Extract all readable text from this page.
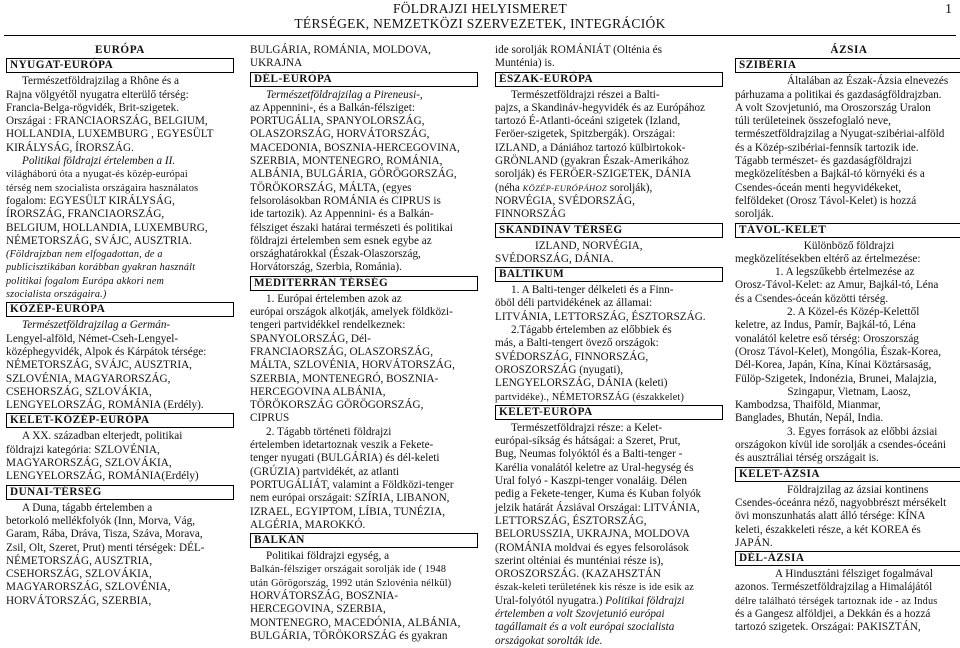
FÖLDRAJZI HELYISMERET
TÉRSÉGEK, NEMZETKÖZI SZERVEZETEK, INTEGRÁCIÓK
1

EURÓPA

NYUGAT-EURÓPA

Természetföldrajzilag a Rhône és a

Rajna völgyétől nyugatra elterülő térség:

Francia-Belga-rögvidék, Brit-szigetek.

Országai : FRANCIAORSZÁG, BELGIUM,

HOLLANDIA, LUXEMBURG , EGYESÜLT

KIRÁLYSÁG, ÍRORSZÁG.

Politikai földrajzi értelemben a II.

világháború óta a nyugat-és közép-európai

térség nem szocialista országaira használatos

fogalom: EGYESÜLT KIRÁLYSÁG,

ÍRORSZÁG, FRANCIAORSZÁG,

BELGIUM, HOLLANDIA, LUXEMBURG,

NÉMETORSZÁG, SVÁJC, AUSZTRIA.

(Földrajzban nem elfogadottan, de a

publicisztikában korábban gyakran használt

politikai fogalom Európa akkori nem

szocialista országaira.)

KÖZÉP-EURÓPA

Természetföldrajzilag a Germán-

Lengyel-alföld, Német-Cseh-Lengyel-

középhegyvidék, Alpok és Kárpátok térsége:

NÉMETORSZÁG, SVÁJC, AUSZTRIA,

SZLOVÉNIA, MAGYARORSZÁG,

CSEHORSZÁG, SZLOVÁKIA,

LENGYELORSZÁG, ROMÁNIA (Erdély).

KELET-KÖZÉP-EURÓPA

A XX. században elterjedt, politikai

földrajzi kategória: SZLOVÉNIA,

MAGYARORSZÁG, SZLOVÁKIA,

LENGYELORSZÁG, ROMÁNIA(Erdély)

DUNAI-TÉRSÉG

A Duna, tágabb értelemben a

betorkoló mellékfolyók (Inn, Morva, Vág,

Garam, Rába, Dráva, Tisza, Száva, Morava,

Zsil, Olt, Szeret, Prut) menti térségek: DÉL-

NÉMETORSZÁG, AUSZTRIA,

CSEHORSZÁG, SZLOVÁKIA,

MAGYARORSZÁG, SZLOVÉNIA,

HORVÁTORSZÁG, SZERBIA,

BULGÁRIA, ROMÁNIA, MOLDOVA,

UKRAJNA

DÉL-EURÓPA

Természetföldrajzilag a Pireneusi-,

az Appennini-, és a Balkán-félsziget:

PORTUGÁLIA, SPANYOLORSZÁG,

OLASZORSZÁG, HORVÁTORSZÁG,

MACEDONIA, BOSZNIA-HERCEGOVINA,

SZERBIA, MONTENEGRO, ROMÁNIA,

ALBÁNIA, BULGÁRIA, GÖRÖGORSZÁG,

TÖRÖKORSZÁG, MÁLTA, (egyes

felsorolásokban ROMÁNIA és CIPRUS is

ide tartozik). Az Appennini- és a Balkán-

félsziget északi határai természeti és politikai

földrajzi értelemben sem esnek egybe az

országhatárokkal (Észak-Olaszország,

Horvátország, Szerbia, Románia).

MEDITERRÁN TÉRSÉG

1. Európai értelemben azok az

európai országok alkotják, amelyek földközi-

tengeri partvidékkel rendelkeznek:

SPANYOLORSZÁG, Dél-

FRANCIAORSZÁG, OLASZORSZÁG,

MÁLTA, SZLOVÉNIA, HORVÁTORSZÁG,

SZERBIA, MONTENEGRÓ, BOSZNIA-

HERCEGOVINA ALBÁNIA,

TÖRÖKORSZÁG GÖRÖGORSZÁG,

CIPRUS

2. Tágabb történeti földrajzi

értelemben idetartoznak veszik a Fekete-

tenger nyugati (BULGÁRIA) és dél-keleti

(GRÚZIA) partvidékét, az atlanti

PORTUGÁLIÁT, valamint a Földközi-tenger

nem európai országait: SZÍRIA, LIBANON,

IZRAEL, EGYIPTOM, LÍBIA, TUNÉZIA,

ALGÉRIA, MAROKKÓ.

BALKÁN

Politikai földrajzi egység, a

Balkán-félszigeт országait sorolják ide ( 1948

után Görögország, 1992 után Szlovénia nélkül)

HORVÁTORSZÁG, BOSZNIA-

HERCEGOVINA, SZERBIA,

MONTENEGRO, MACEDÓNIA, ALBÁNIA,

BULGÁRIA, TÖRÖKORSZÁG és gyakran

ide sorolják ROMÁNIÁT (Olténia és

Munténia) is.

ÉSZAK-EURÓPA

Természetföldrajzi részei a Balti-

pajzs, a Skandináv-hegyvidék és az Európához

tartozó É-Atlanti-óceáni szigetek (Izland,

Feröer-szigetek, Spitzbergák). Országai:

IZLAND, a Dániához tartozó külbirtokok-

GRÖNLAND (gyakran Észak-Amerikához

sorolják) és FERÖER-SZIGETEK, DÁNIA

(néha KÖZÉP-EURÓPÁHOZ sorolják),

NORVÉGIA, SVÉDORSZÁG,

FINNORSZÁG

SKANDINÁV TÉRSÉG

IZLAND, NORVÉGIA,

SVÉDORSZÁG, DÁNIA.

BALTIKUM

1. A Balti-tenger délkeleti és a Finn-

öböl déli partvidékének az államai:

LITVÁNIA, LETTORSZÁG, ÉSZTORSZÁG.

2.Tágabb értelemben az előbbiek és

más, a Balti-tengert övező országok:

SVÉDORSZÁG, FINNORSZÁG,

OROSZORSZÁG (nyugati),

LENGYELORSZÁG, DÁNIA (keleti)

partvidéke)., NÉMETORSZÁG (északkelet)

KELET-EURÓPA

Természetföldrajzi része: a Kelet-

európai-síkság és hátságai: a Szeret, Prut,

Bug, Neumas folyóktól és a Balti-tenger -

Karélia vonalától keletre az Ural-hegység és

Ural folyó - Kaszpi-tenger vonaláig. Délen

pedig a Fekete-tenger, Kuma és Kuban folyók

jelzik határát Ázsiával Országai: LITVÁNIA,

LETTORSZÁG, ÉSZTORSZÁG,

BELORUSSZIA, UKRAJNA, MOLDOVA

(ROMÁNIA moldvai és egyes felsorolások

szerint olténiai és munténiai része is),

OROSZORSZÁG. (KAZAHSZTÁN

észak-keleti területének kis része is ide esik az

Ural-folyótól nyugatra.) Politikai földrajzi

értelemben a volt Szovjetunió európai

tagállamait és a volt európai szocialista

országokat sorolták ide.

ÁZSIA

SZIBÉRIA

Általában az Észak-Ázsia elnevezés

párhuzama a politikai és gazdaságföldrajzban.

A volt Szovjetunió, ma Oroszország Uralon

túli területeinek összefoglaló neve,

természetföldrajzilag a Nyugat-szibériai-alföld

és a Közép-szibériai-fennsík tartozik ide.

Tágabb természet- és gazdaságföldrajzi

megközelítésben a Bajkál-tó környéki és a

Csendes-óceán menti hegyvidékeket,

felföldeket (Orosz Távol-Kelet) is hozzá

sorolják.

TÁVOL-KELET

Különböző földrajzi

megközelítésekben eltérő az értelmezése:

1. A legszűkebb értelmezése az

Orosz-Távol-Kelet: az Amur, Bajkál-tó, Léna

és a Csendes-óceán közötti térség.

2. A Közel-és Közép-Kelettől

keletre, az Indus, Pamír, Bajkál-tó, Léna

vonalától keletre eső térség: Oroszország

(Orosz Távol-Kelet), Mongólia, Észak-Korea,

Dél-Korea, Japán, Kína, Kínai Köztársaság,

Fülöp-Szigetek, Indonézia, Brunei, Malajzia,

Szingapur, Vietnam, Laosz,

Kambodzsa, Thaiföld, Mianmar,

Banglades, Bhután, Nepál, India.

3. Egyes források az előbbi ázsiai

országokon kívül ide sorolják a csendes-óceáni

és ausztráliai térség országait is.

KELET-ÁZSIA

Földrajzilag az ázsiai kontinens

Csendes-óceánra néző, nagyobbrészt mérsékelt

övi monszunhatás alatt álló térsége: KÍNA

keleti, északkeleti része, a két KOREA és

JAPÁN.

DÉL-ÁZSIA

A Hindusztáni félsziget fogalmával

azonos. Természetföldrajzilag a Himalájától

délre található térségek tartoznak ide - az Indus

és a Gangesz alföldjei, a Dekkán és a hozzá

tartozó szigetek. Országai: PAKISZTÁN,
